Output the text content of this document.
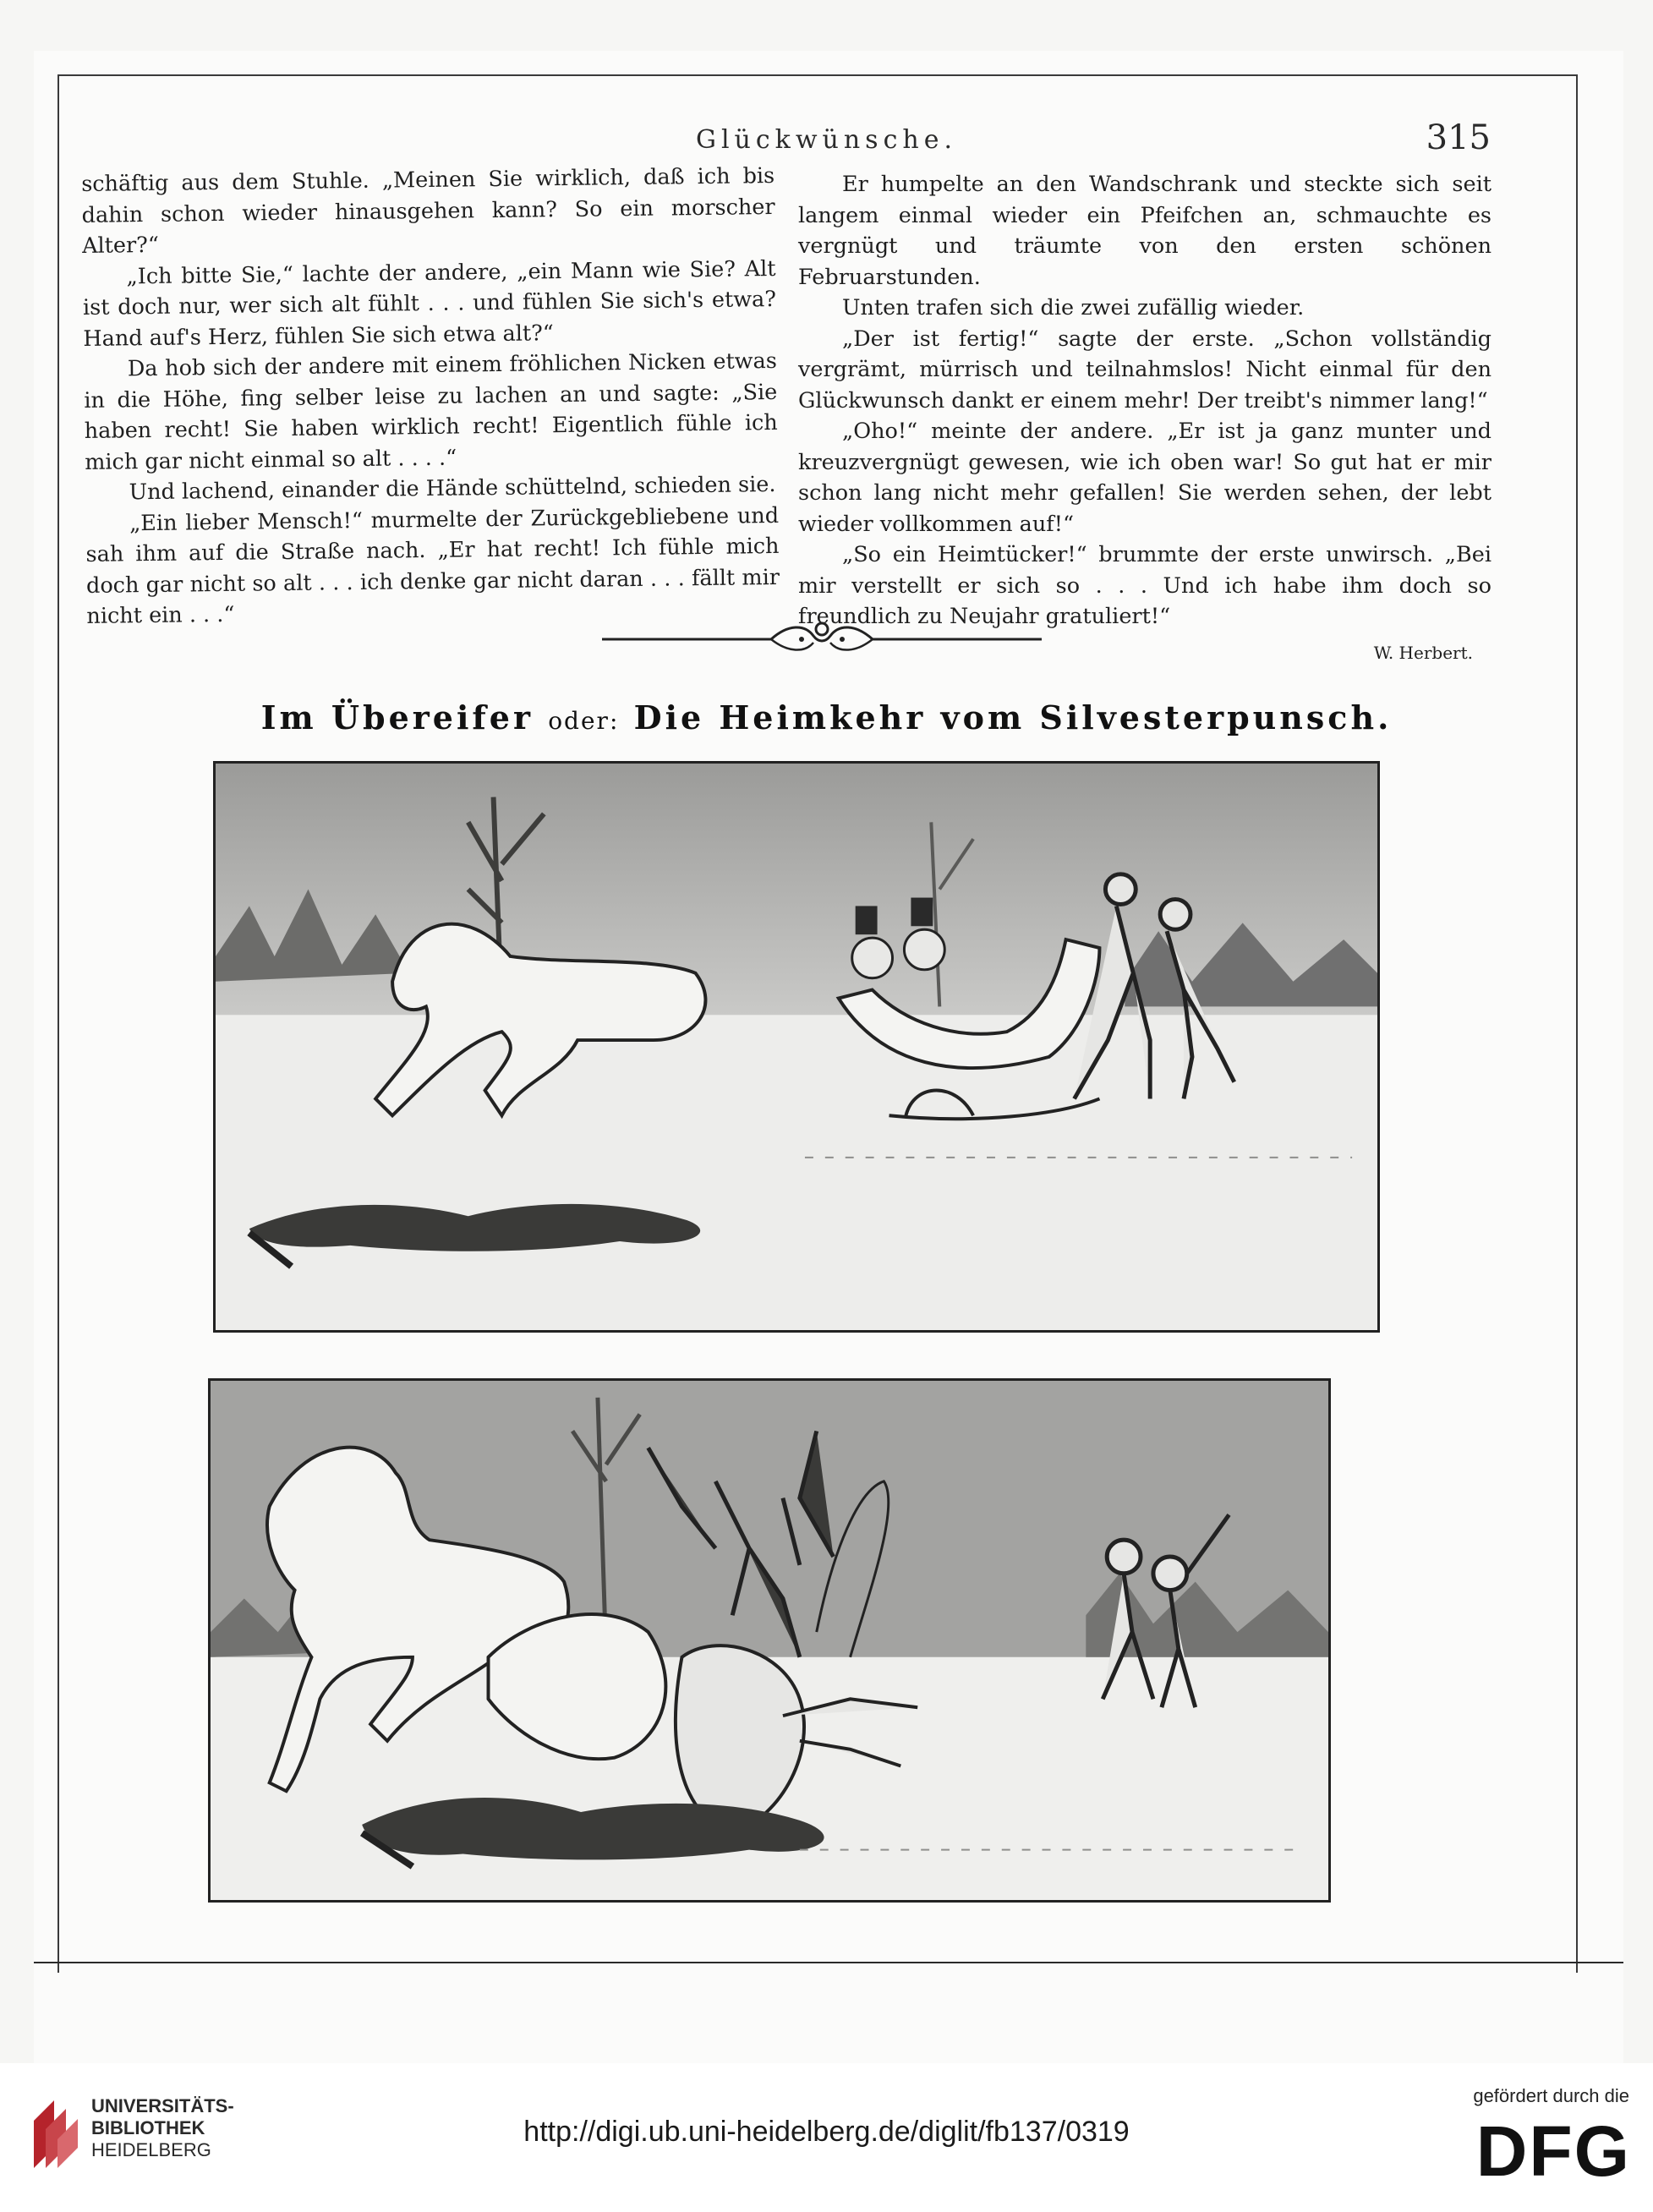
Glückwünsche.	315

schäftig aus dem Stuhle. „Meinen Sie wirklich, daß ich bis dahin schon wieder hinausgehen kann? So ein morscher Alter?“

„Ich bitte Sie,“ lachte der andere, „ein Mann wie Sie? Alt ist doch nur, wer sich alt fühlt . . . und fühlen Sie sich's etwa? Hand auf's Herz, fühlen Sie sich etwa alt?“

Da hob sich der andere mit einem fröhlichen Nicken etwas in die Höhe, fing selber leise zu lachen an und sagte: „Sie haben recht! Sie haben wirklich recht! Eigentlich fühle ich mich gar nicht einmal so alt . . . .“

Und lachend, einander die Hände schüttelnd, schieden sie.

„Ein lieber Mensch!“ murmelte der Zurückgebliebene und sah ihm auf die Straße nach. „Er hat recht! Ich fühle mich doch gar nicht so alt . . . ich denke gar nicht daran . . . fällt mir nicht ein . . .“

Er humpelte an den Wandschrank und steckte sich seit langem einmal wieder ein Pfeifchen an, schmauchte es vergnügt und träumte von den ersten schönen Februarstunden.

Unten trafen sich die zwei zufällig wieder.

„Der ist fertig!“ sagte der erste. „Schon vollständig vergrämt, mürrisch und teilnahmslos! Nicht einmal für den Glückwunsch dankt er einem mehr! Der treibt's nimmer lang!“

„Oho!“ meinte der andere. „Er ist ja ganz munter und kreuzvergnügt gewesen, wie ich oben war! So gut hat er mir schon lang nicht mehr gefallen! Sie werden sehen, der lebt wieder vollkommen auf!“

„So ein Heimtücker!“ brummte der erste unwirsch. „Bei mir verstellt er sich so . . . Und ich habe ihm doch so freundlich zu Neujahr gratuliert!“

W. Herbert.
Im Übereifer oder: Die Heimkehr vom Silvesterpunsch.
UNIVERSITÄTS-
BIBLIOTHEK
HEIDELBERG
http://digi.ub.uni-heidelberg.de/diglit/fb137/0319
gefördert durch die
DFG
